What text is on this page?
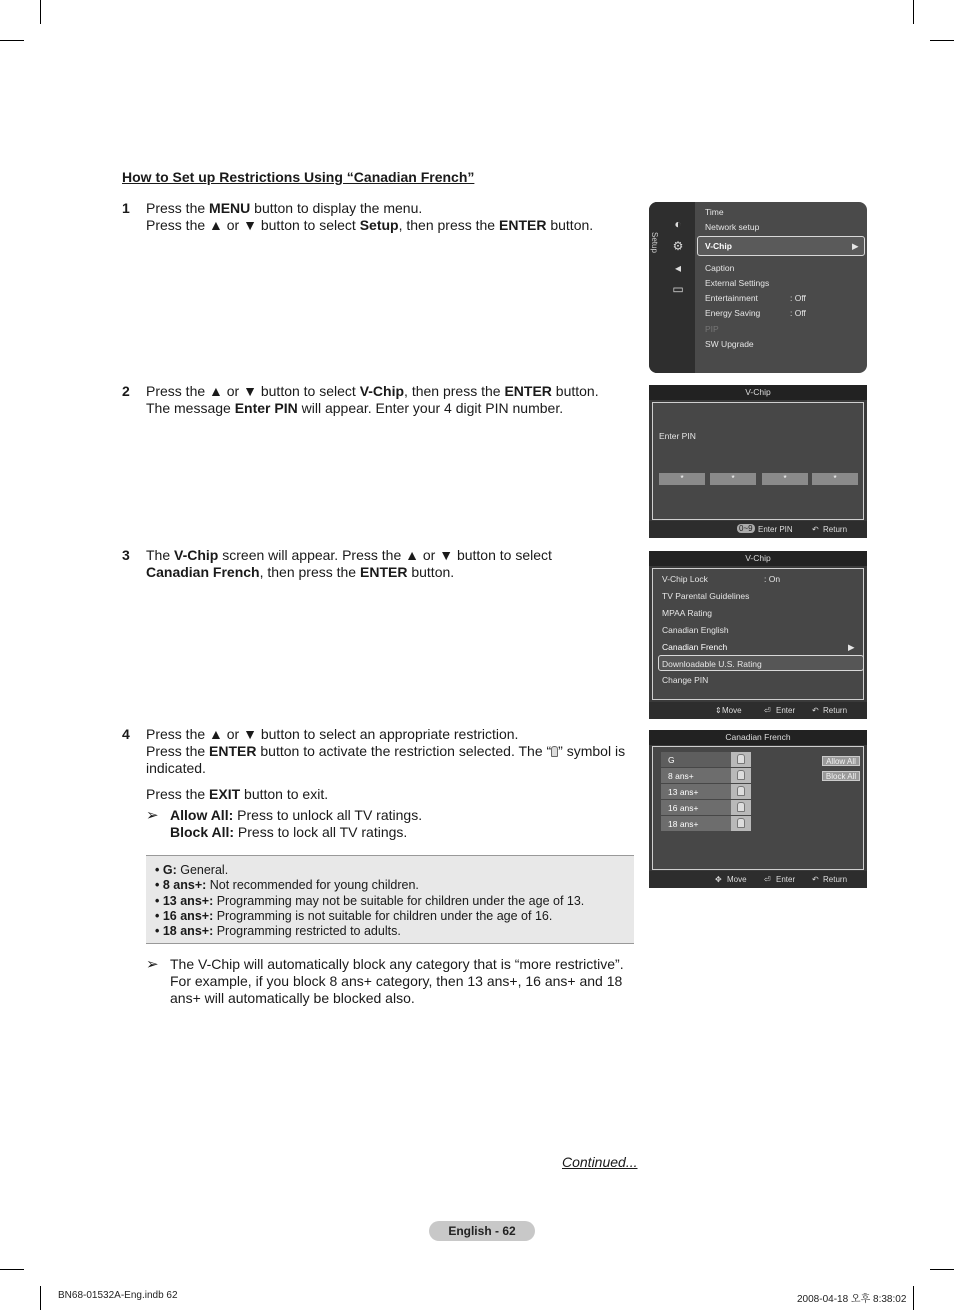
How to Set up Restrictions Using “Canadian French”
1 Press the MENU button to display the menu.

Press the ▲ or ▼ button to select Setup, then press the ENTER button.

2 Press the ▲ or ▼ button to select V-Chip, then press the ENTER button.

The message Enter PIN will appear. Enter your 4 digit PIN number.

3 The V-Chip screen will appear. Press the ▲ or ▼ button to select Canadian French, then press the ENTER button.

4 Press the ▲ or ▼ button to select an appropriate restriction.

Press the ENTER button to activate the restriction selected. The “ ” symbol is indicated.

Press the EXIT button to exit.

➢ Allow All: Press to unlock all TV ratings.

Block All: Press to lock all TV ratings.

• G: General.

• 8 ans+: Not recommended for young children.

• 13 ans+: Programming may not be suitable for children under the age of 13.

• 16 ans+: Programming is not suitable for children under the age of 16.

• 18 ans+: Programming restricted to adults.

➢ The V-Chip will automatically block any category that is “more restrictive”. For example, if you block 8 ans+ category, then 13 ans+, 16 ans+ and 18 ans+ will automatically be blocked also.

Continued...
English - 62
BN68-01532A-Eng.indb 62	2008-04-18 오후 8:38:02
Setup
◐
⚙
◂
▭
Time
Network setup
V-Chip	▶
Caption
External Settings
Entertainment	: Off
Energy Saving	: Off
PIP
SW Upgrade
V-Chip
Enter PIN
*	*	*	*
0~9 Enter PIN ↶ Return
V-Chip
V-Chip Lock	: On
TV Parental Guidelines
MPAA Rating
Canadian English
Canadian French	▶
Downloadable U.S. Rating
Change PIN
⇕ Move	⏎ Enter ↶ Return
Canadian French
G
8 ans+
13 ans+
16 ans+
18 ans+
Allow All
Block All
✥ Move ⏎ Enter ↶ Return
